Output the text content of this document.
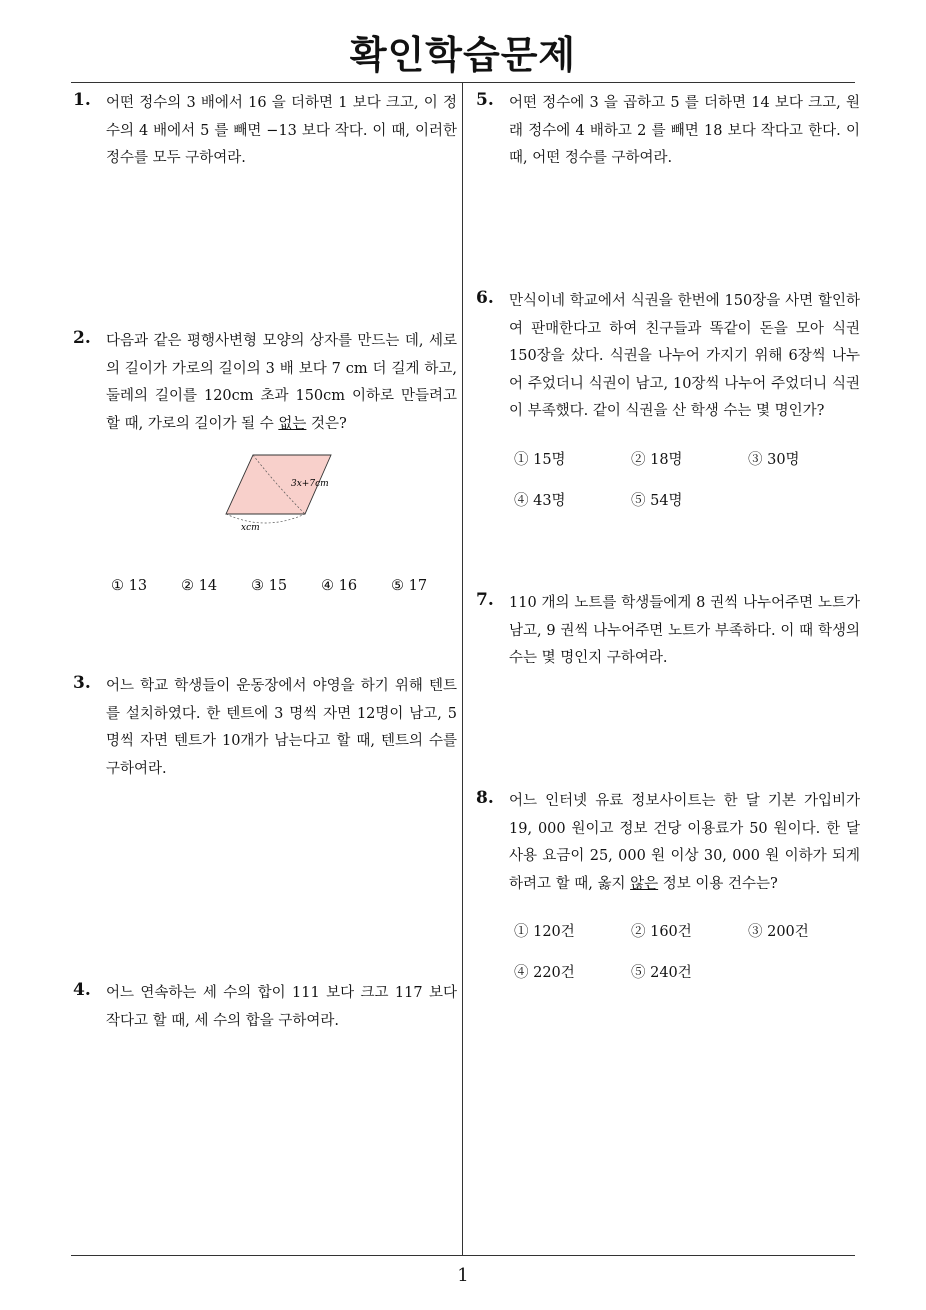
확인학습문제
1. 어떤 정수의 3 배에서 16 을 더하면 1 보다 크고, 이 정수의 4 배에서 5 를 빼면 −13 보다 작다. 이 때, 이러한 정수를 모두 구하여라.
2. 다음과 같은 평행사변형 모양의 상자를 만드는 데, 세로의 길이가 가로의 길이의 3 배 보다 7 cm 더 길게 하고, 둘레의 길이를 120cm 초과 150cm 이하로 만들려고 할 때, 가로의 길이가 될 수 없는 것은?
3x+7cm
xcm
① 13	② 14	③ 15	④ 16	⑤ 17
3. 어느 학교 학생들이 운동장에서 야영을 하기 위해 텐트를 설치하였다. 한 텐트에 3 명씩 자면 12명이 남고, 5명씩 자면 텐트가 10개가 남는다고 할 때, 텐트의 수를 구하여라.
4. 어느 연속하는 세 수의 합이 111 보다 크고 117 보다 작다고 할 때, 세 수의 합을 구하여라.
5. 어떤 정수에 3 을 곱하고 5 를 더하면 14 보다 크고, 원래 정수에 4 배하고 2 를 빼면 18 보다 작다고 한다. 이 때, 어떤 정수를 구하여라.
6. 만식이네 학교에서 식권을 한번에 150장을 사면 할인하여 판매한다고 하여 친구들과 똑같이 돈을 모아 식권 150장을 샀다. 식권을 나누어 가지기 위해 6장씩 나누어 주었더니 식권이 남고, 10장씩 나누어 주었더니 식권이 부족했다. 같이 식권을 산 학생 수는 몇 명인가?
① 15명	② 18명	③ 30명
④ 43명	⑤ 54명
7. 110 개의 노트를 학생들에게 8 권씩 나누어주면 노트가 남고, 9 권씩 나누어주면 노트가 부족하다. 이 때 학생의 수는 몇 명인지 구하여라.
8. 어느 인터넷 유료 정보사이트는 한 달 기본 가입비가 19, 000 원이고 정보 건당 이용료가 50 원이다. 한 달 사용 요금이 25, 000 원 이상 30, 000 원 이하가 되게 하려고 할 때, 옳지 않은 정보 이용 건수는?
① 120건	② 160건	③ 200건
④ 220건	⑤ 240건
1
